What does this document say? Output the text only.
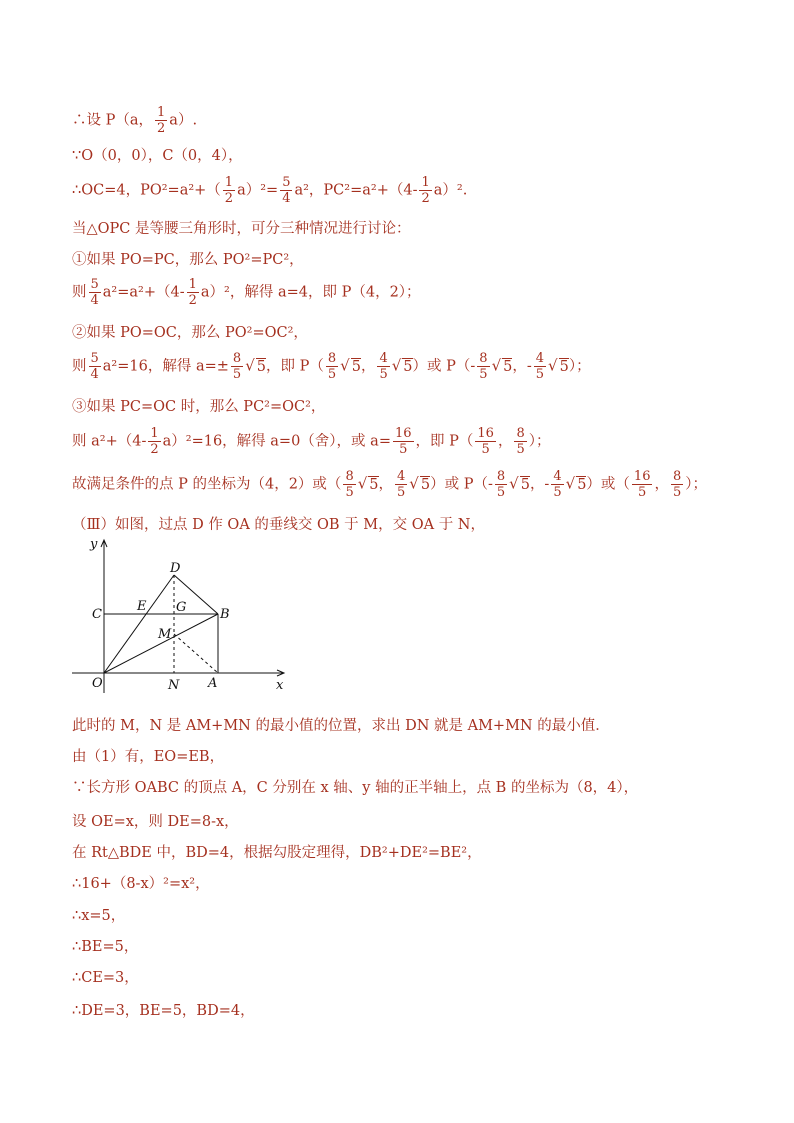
∴设 P（a， $\frac{1}{2} a$）.
∵O（0，0），C（0，4），
∴OC=4，$PO^2=a^2+( \frac{1}{2} a)^2= \frac{5}{4} a^2$，$PC^2=a^2+(4- \frac{1}{2} a)^2$.
当△OPC 是等腰三角形时，可分三种情况进行讨论：
①如果 PO=PC，那么 PO²=PC²，
则 $\frac{5}{4} a^2=a^2+(4- \frac{1}{2} a)^2$，解得 a=4，即 P（4，2）；
②如果 PO=OC，那么 PO²=OC²，
则 $\frac{5}{4} a^2=16$，解得 $a=\pm \frac{8}{5}$ √ 5，即 $P( \frac{8}{5}$ √ 5， $\frac{4}{5}$ √ 5）或 $P(- \frac{8}{5}$ √ 5，- $\frac{4}{5}$ √ 5）；
③如果 PC=OC 时，那么 PC²=OC²，
则 $a^2+(4- \frac{1}{2} a)^2=16$，解得 a=0（舍），或 $a= \frac{16}{5}$ ，即 $P( \frac{16}{5}$ ， $\frac{8}{5}$ ）；
故满足条件的点 P 的坐标为（4，2）或（ $\frac{8}{5}$ √ 5， $\frac{4}{5}$ √ 5）或 $P(- \frac{8}{5}$ √ 5，- $\frac{4}{5}$ √ 5）或（ $\frac{16}{5}$ ， $\frac{8}{5}$ ）；
（Ⅲ）如图，过点 D 作 OA 的垂线交 OB 于 M，交 OA 于 N，
y
x
O
C
D
E G	B
M
N A
此时的 M，N 是 AM+MN 的最小值的位置，求出 DN 就是 AM+MN 的最小值．
由（1）有，EO=EB，
∵长方形 OABC 的顶点 A，C 分别在 x 轴、y 轴的正半轴上，点 B 的坐标为（8，4），
设 OE=x，则 DE=8-x，
在 Rt△BDE 中，BD=4，根据勾股定理得，DB²+DE²=BE²，
∴16+（8-x）²=x²，
∴x=5，
∴BE=5，
∴CE=3，
∴DE=3，BE=5，BD=4，
